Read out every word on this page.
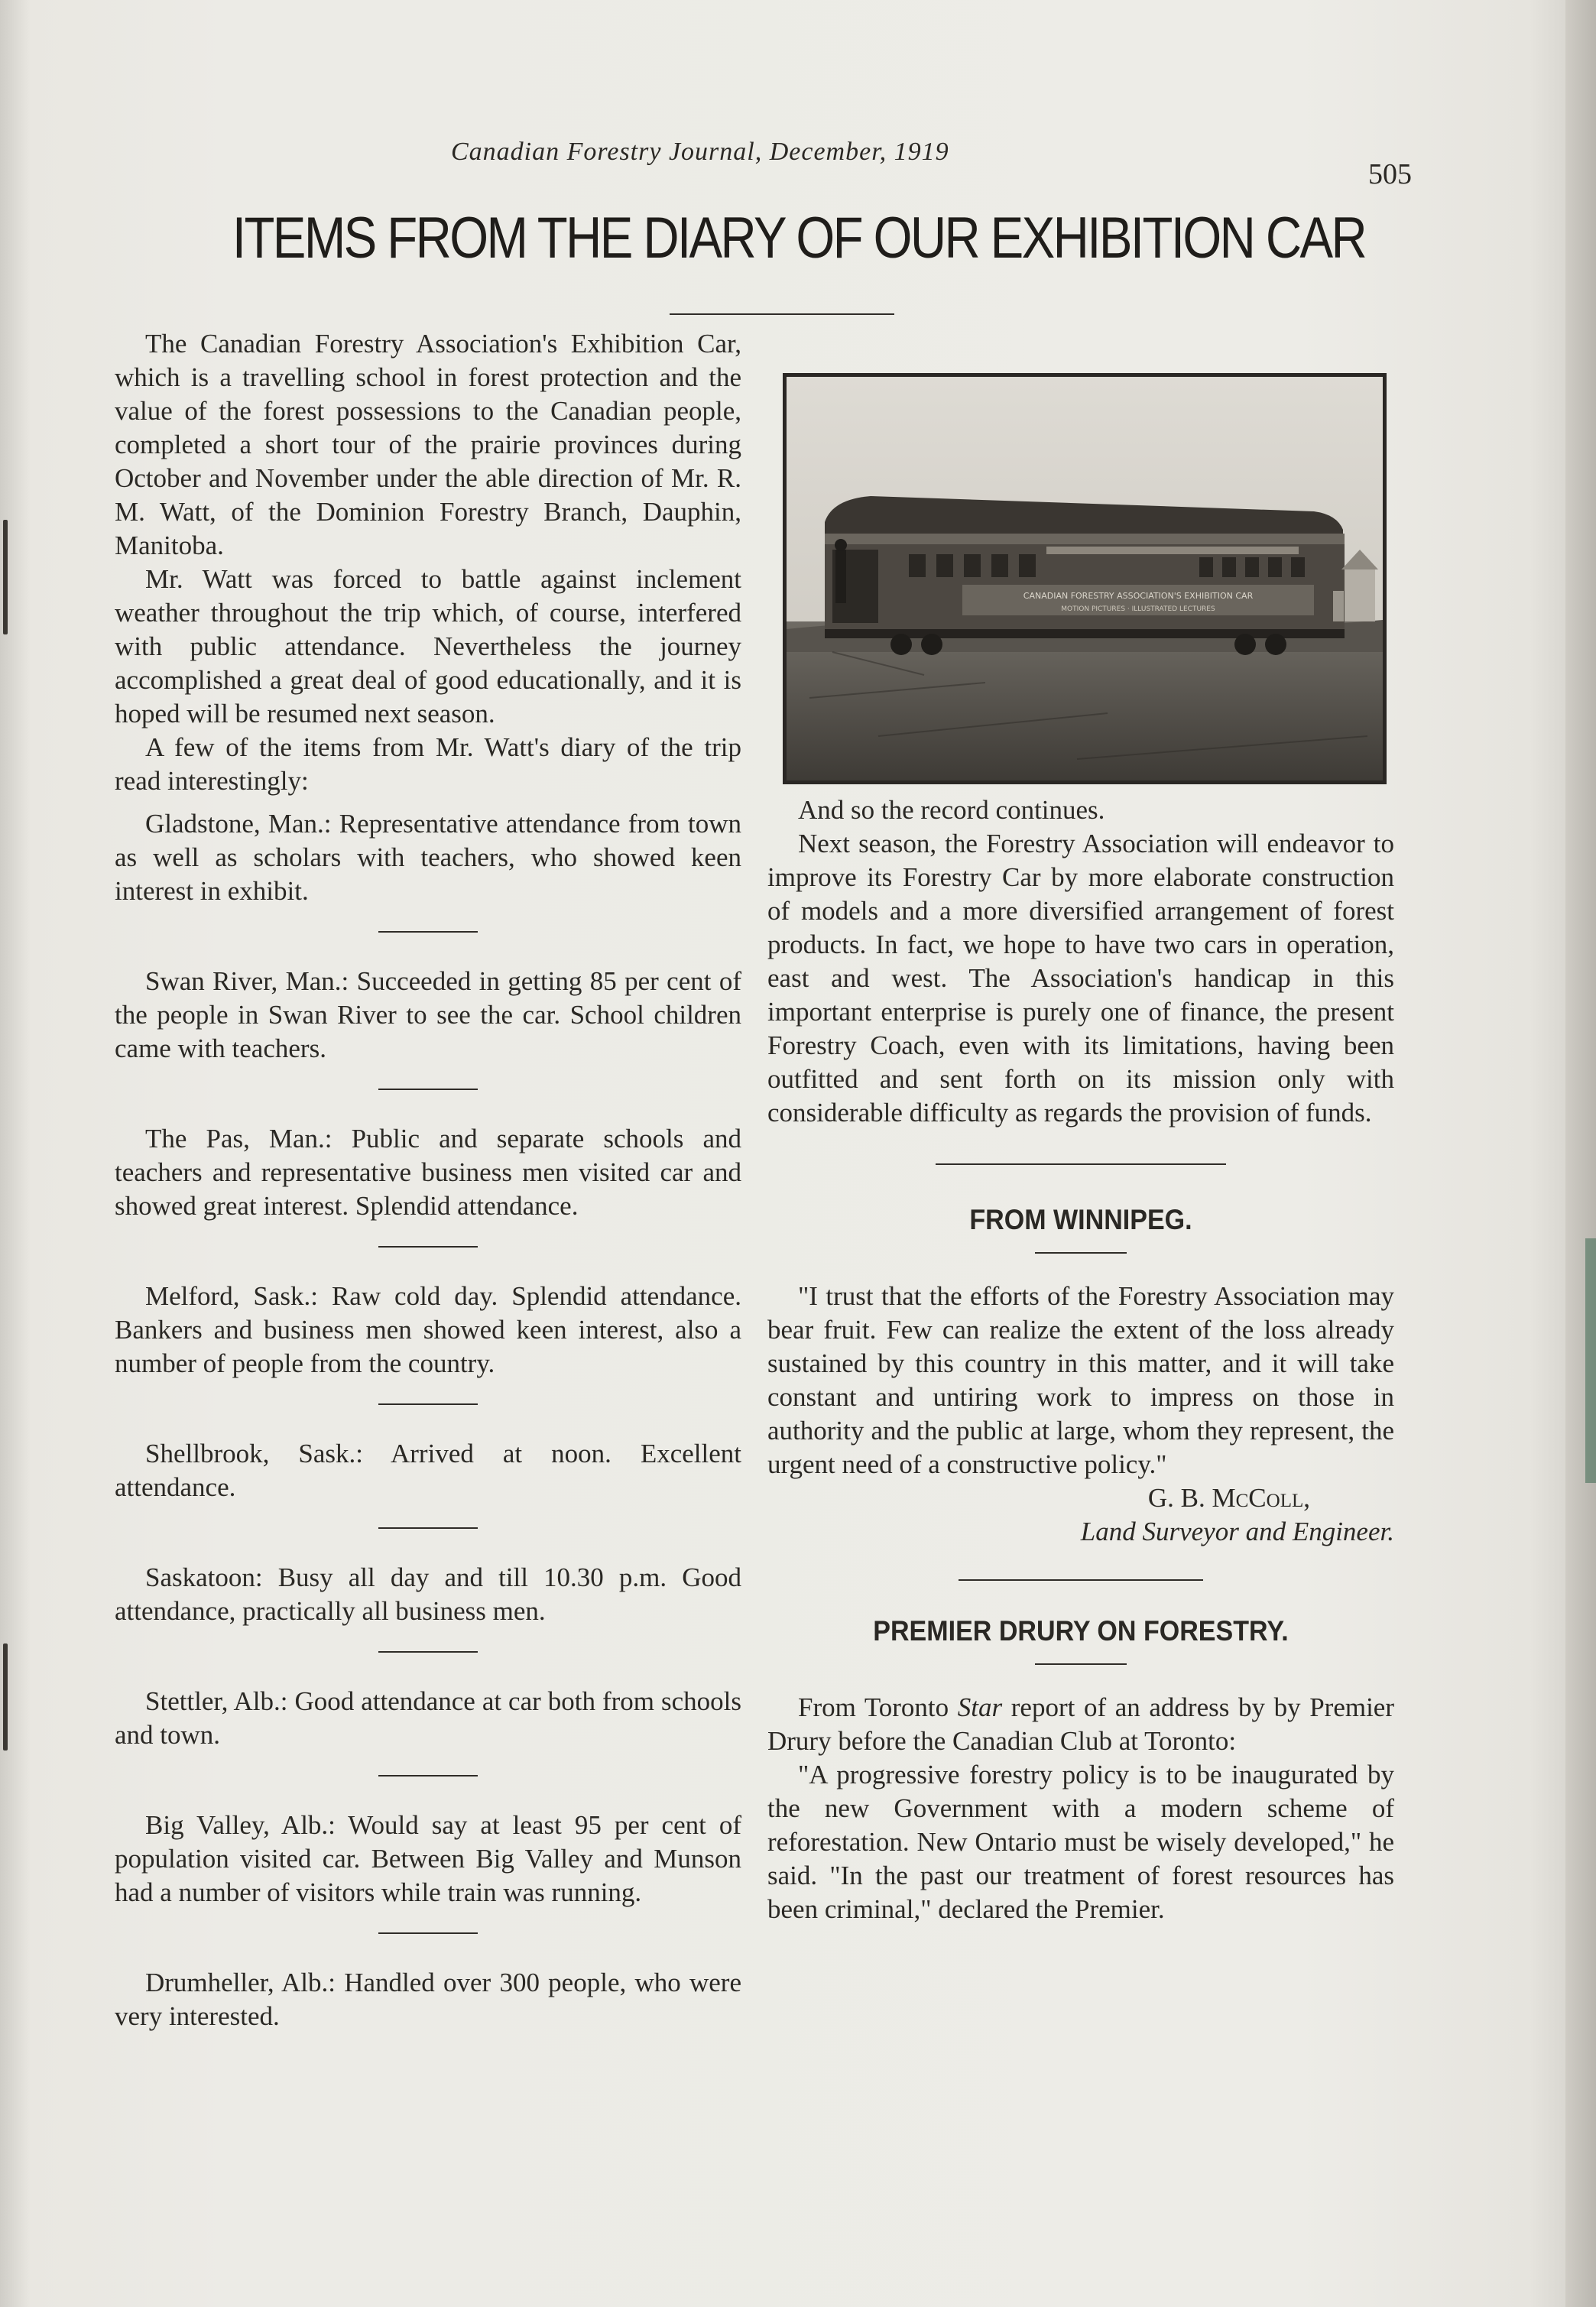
Canadian Forestry Journal, December, 1919
505
ITEMS FROM THE DIARY OF OUR EXHIBITION CAR

The Canadian Forestry Association's Exhibition Car, which is a travelling school in forest protection and the value of the forest possessions to the Canadian people, completed a short tour of the prairie provinces during October and November under the able direction of Mr. R. M. Watt, of the Dominion Forestry Branch, Dauphin, Manitoba.

Mr. Watt was forced to battle against inclement weather throughout the trip which, of course, interfered with public attendance. Nevertheless the journey accomplished a great deal of good educationally, and it is hoped will be resumed next season.

A few of the items from Mr. Watt's diary of the trip read interestingly:

Gladstone, Man.: Representative attendance from town as well as scholars with teachers, who showed keen interest in exhibit.

Swan River, Man.: Succeeded in getting 85 per cent of the people in Swan River to see the car. School children came with teachers.

The Pas, Man.: Public and separate schools and teachers and representative business men visited car and showed great interest. Splendid attendance.

Melford, Sask.: Raw cold day. Splendid attendance. Bankers and business men showed keen interest, also a number of people from the country.

Shellbrook, Sask.: Arrived at noon. Excellent attendance.

Saskatoon: Busy all day and till 10.30 p.m. Good attendance, practically all business men.

Stettler, Alb.: Good attendance at car both from schools and town.

Big Valley, Alb.: Would say at least 95 per cent of population visited car. Between Big Valley and Munson had a number of visitors while train was running.

Drumheller, Alb.: Handled over 300 people, who were very interested.

CANADIAN FORESTRY ASSOCIATION'S EXHIBITION CAR
MOTION PICTURES · ILLUSTRATED LECTURES

And so the record continues.

Next season, the Forestry Association will endeavor to improve its Forestry Car by more elaborate construction of models and a more diversified arrangement of forest products. In fact, we hope to have two cars in operation, east and west. The Association's handicap in this important enterprise is purely one of finance, the present Forestry Coach, even with its limitations, having been outfitted and sent forth on its mission only with considerable difficulty as regards the provision of funds.

FROM WINNIPEG.

"I trust that the efforts of the Forestry Association may bear fruit. Few can realize the extent of the loss already sustained by this country in this matter, and it will take constant and untiring work to impress on those in authority and the public at large, whom they represent, the urgent need of a constructive policy."

G. B. McColl,

Land Surveyor and Engineer.

PREMIER DRURY ON FORESTRY.

From Toronto Star report of an address by by Premier Drury before the Canadian Club at Toronto:

"A progressive forestry policy is to be inaugurated by the new Government with a modern scheme of reforestation. New Ontario must be wisely developed," he said. "In the past our treatment of forest resources has been criminal," declared the Premier.
